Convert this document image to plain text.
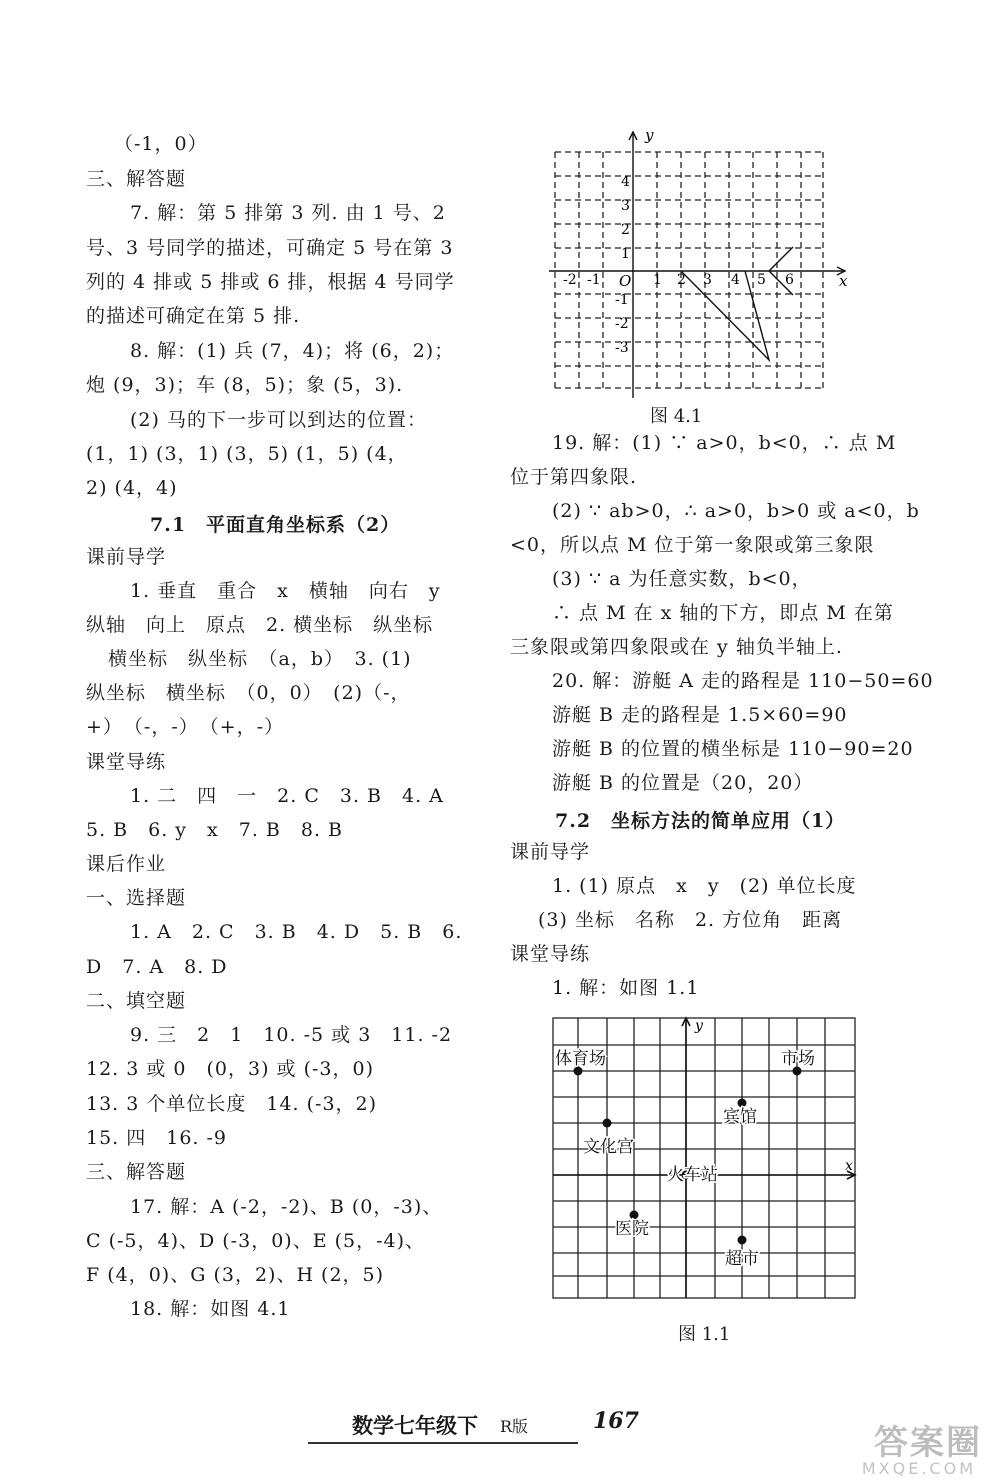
（-1，0）
三、解答题
7. 解：第 5 排第 3 列. 由 1 号、2
号、3 号同学的描述，可确定 5 号在第 3
列的 4 排或 5 排或 6 排，根据 4 号同学
的描述可确定在第 5 排.
8. 解：(1) 兵 (7，4)；将 (6，2)；
炮 (9，3)；车 (8，5)；象 (5，3).
(2) 马的下一步可以到达的位置：
(1，1) (3，1) (3，5) (1，5) (4，
2) (4，4)
7.1　平面直角坐标系（2）
课前导学
1. 垂直　重合　x　横轴　向右　y
纵轴　向上　原点　2. 横坐标　纵坐标
横坐标　纵坐标　（a，b）　3. (1)
纵坐标　横坐标　（0，0）　(2)（-，
+）　（-，-）　（+，-）
课堂导练
1. 二　四　一　2. C　3. B　4. A
5. B　6. y　x　7. B　8. B
课后作业
一、选择题
1. A　2. C　3. B　4. D　5. B　6.
D　7. A　8. D
二、填空题
9. 三　2　1　10. -5 或 3　11. -2
12. 3 或 0　(0，3) 或 (-3，0)
13. 3 个单位长度　14. (-3，2)
15. 四　16. -9
三、解答题
17. 解：A (-2，-2)、B (0，-3)、
C (-5，4)、D (-3，0)、E (5，-4)、
F (4，0)、G (3，2)、H (2，5)
18. 解：如图 4.1
y
x
O
-2 -1	1 2 3 4 5 6
4
3
2
1
-1
-2
-3
图 4.1
19. 解：(1) ∵ a>0，b<0，∴ 点 M
位于第四象限.
(2) ∵ ab>0，∴ a>0，b>0 或 a<0，b
<0，所以点 M 位于第一象限或第三象限
(3) ∵ a 为任意实数，b<0，
∴ 点 M 在 x 轴的下方，即点 M 在第
三象限或第四象限或在 y 轴负半轴上.
20. 解：游艇 A 走的路程是 110−50=60
游艇 B 走的路程是 1.5×60=90
游艇 B 的位置的横坐标是 110−90=20
游艇 B 的位置是（20，20）
7.2　坐标方法的简单应用（1）
课前导学
1. (1) 原点　x　y　(2) 单位长度
(3) 坐标　名称　2. 方位角　距离
课堂导练
1. 解：如图 1.1
y
x
体育场	市场
宾馆
文化宫
火车站
医院
超市
图 1.1
数学七年级下 R版	167
答案圈
MXQE.COM
